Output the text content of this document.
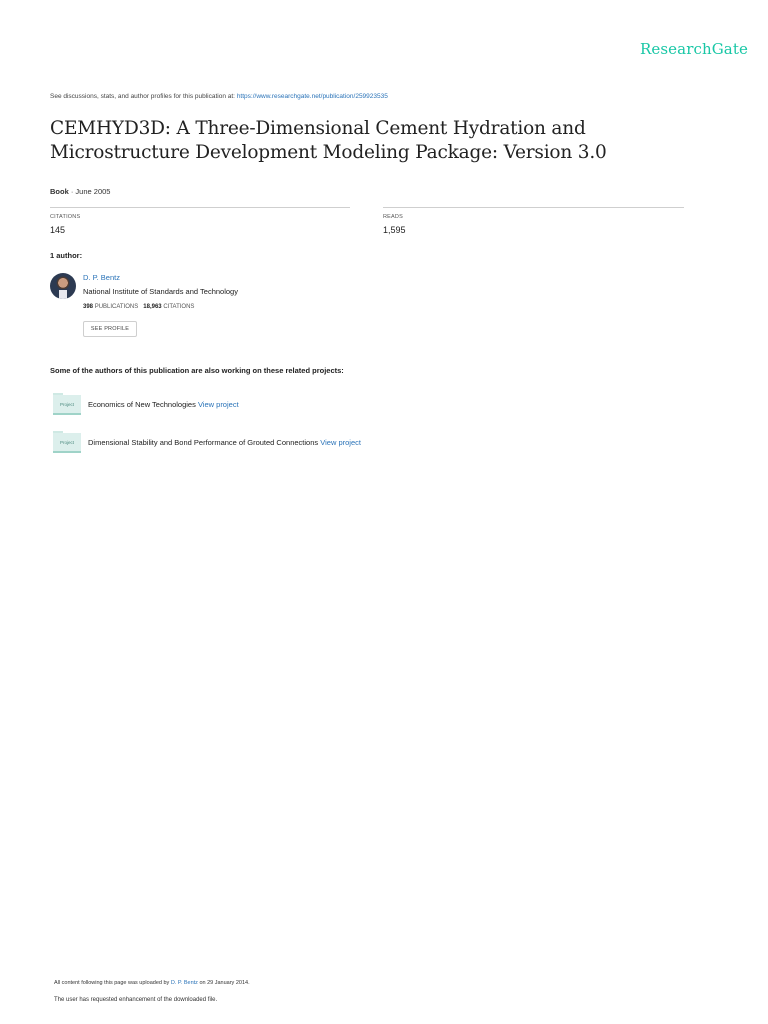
ResearchGate
See discussions, stats, and author profiles for this publication at: https://www.researchgate.net/publication/259923535
CEMHYD3D: A Three-Dimensional Cement Hydration and Microstructure Development Modeling Package: Version 3.0
Book · June 2005
CITATIONS
145
READS
1,595
1 author:
D. P. Bentz
National Institute of Standards and Technology
398 PUBLICATIONS 18,963 CITATIONS
SEE PROFILE
Some of the authors of this publication are also working on these related projects:
Project	Economics of New Technologies View project
Project	Dimensional Stability and Bond Performance of Grouted Connections View project
All content following this page was uploaded by D. P. Bentz on 29 January 2014.
The user has requested enhancement of the downloaded file.
